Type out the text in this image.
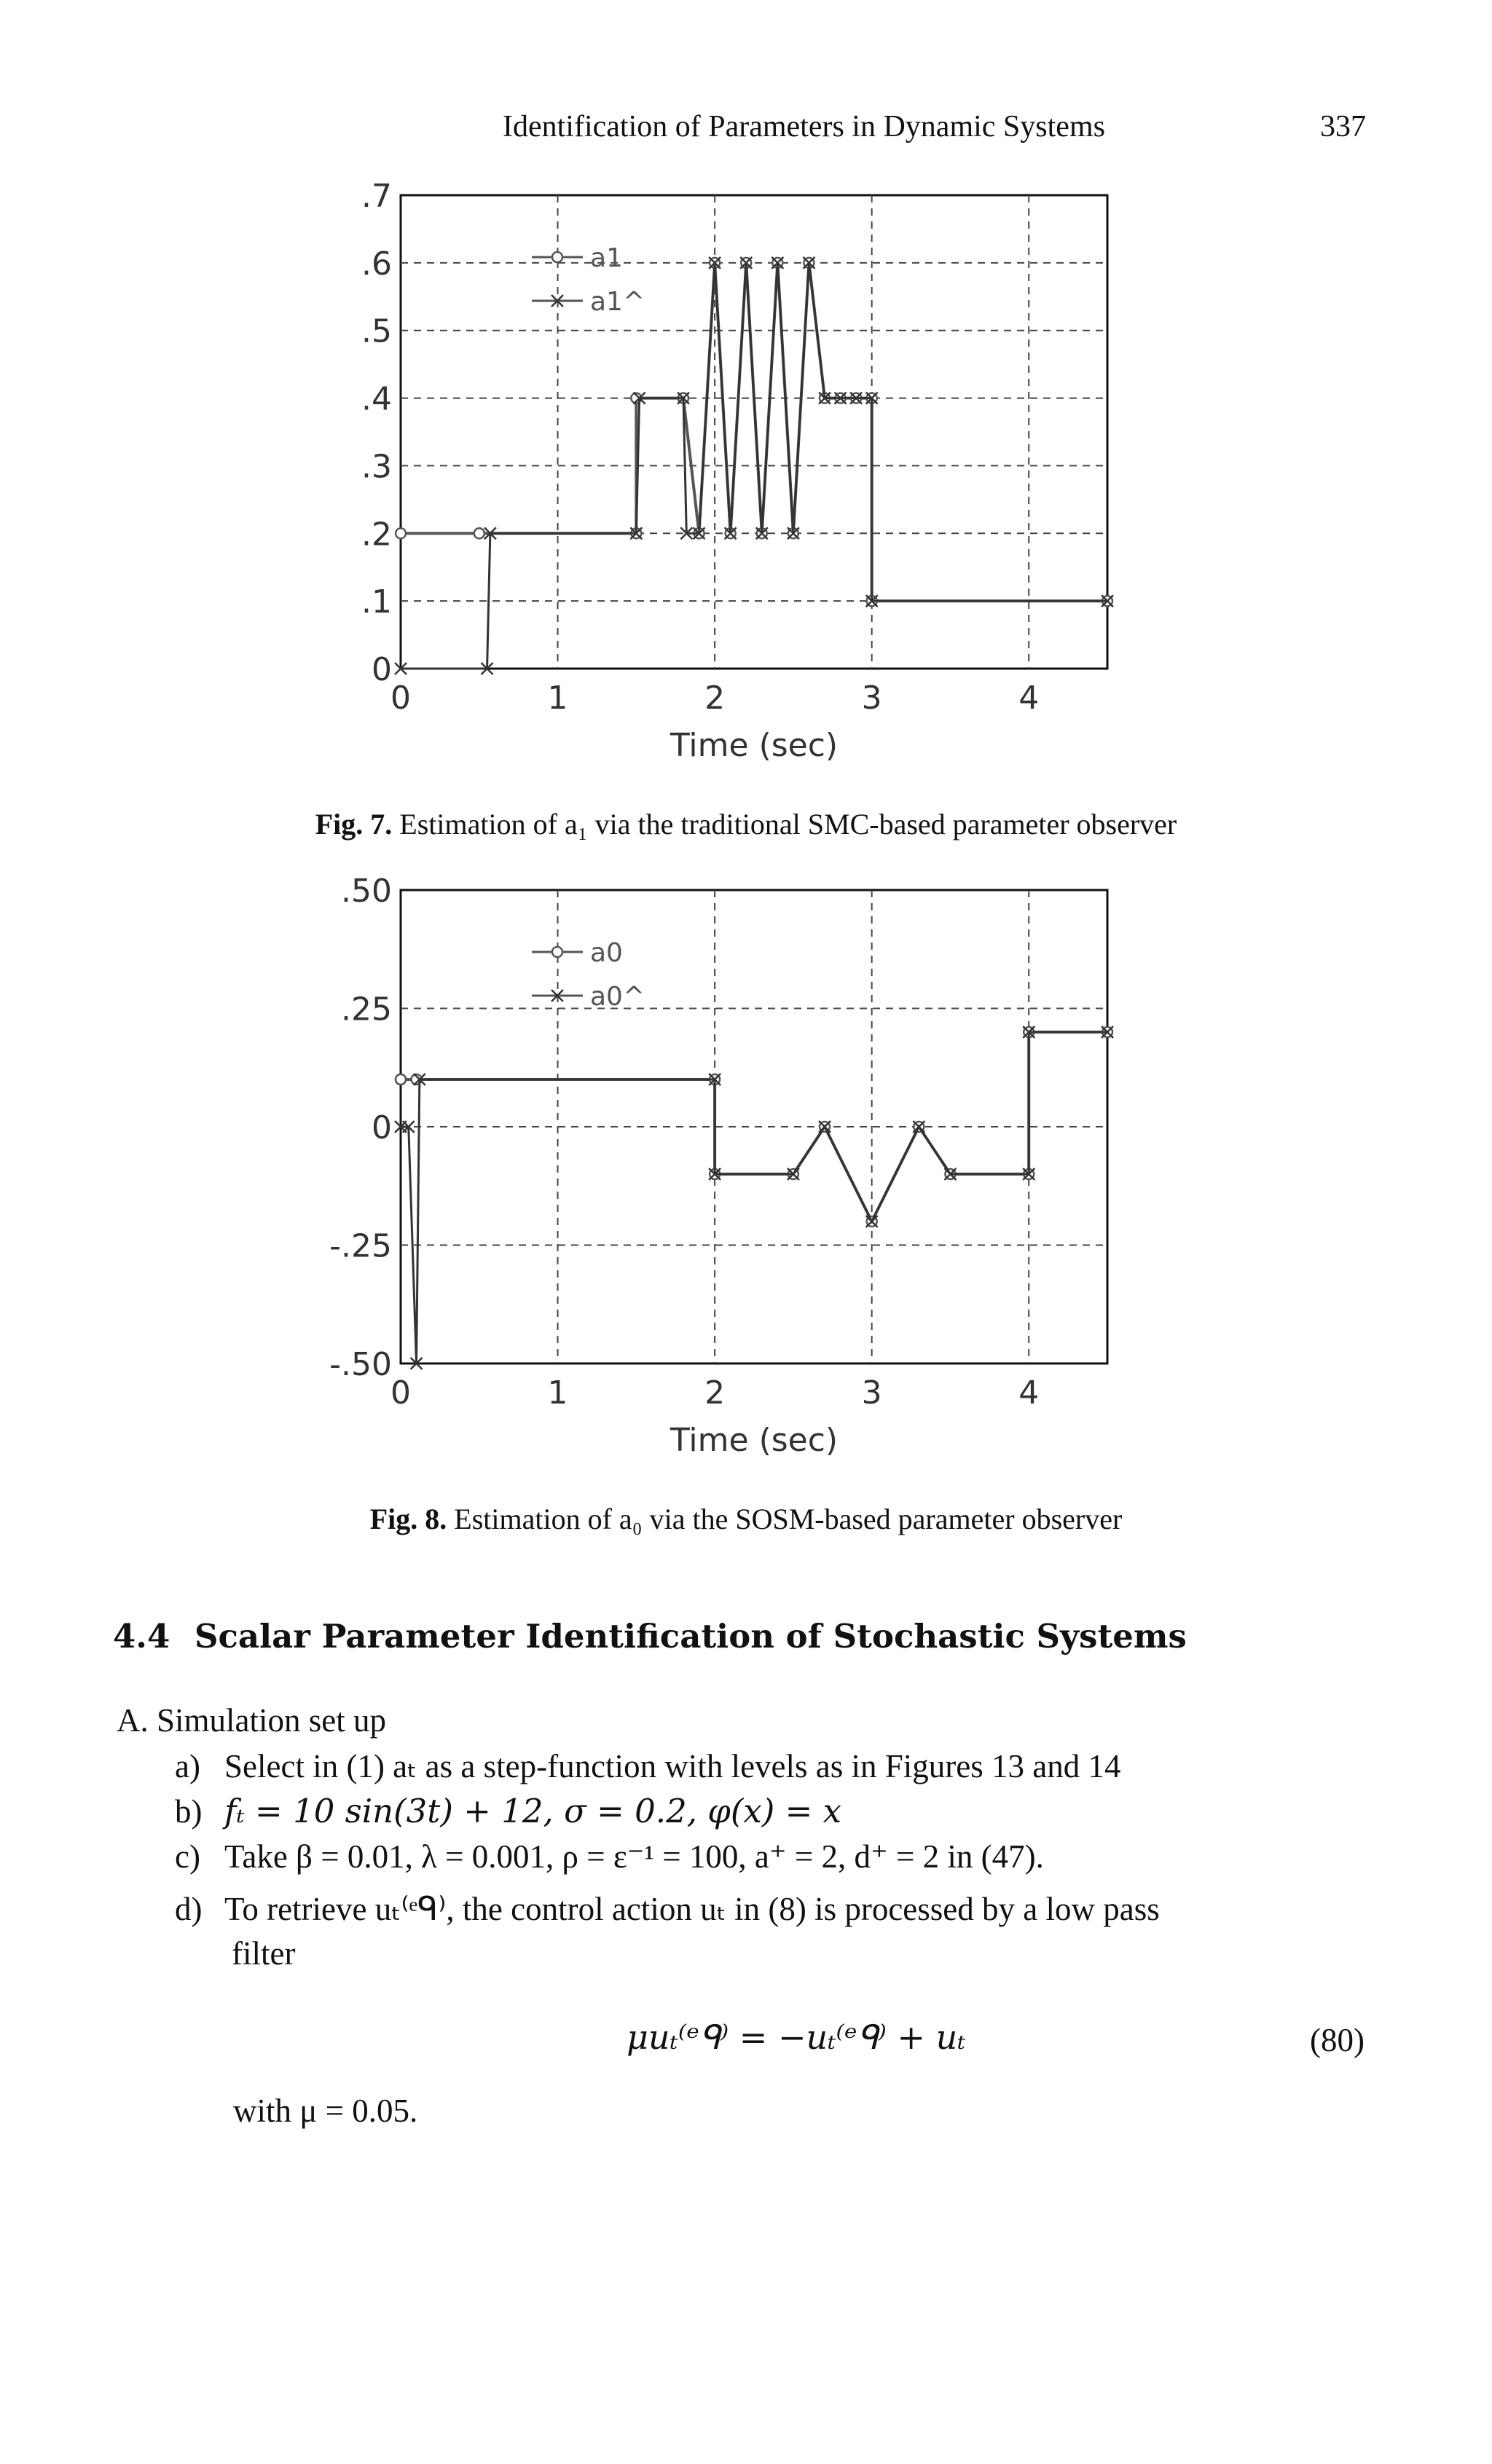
Identification of Parameters in Dynamic Systems	337
.7
.6
.5
.4
.3
.2
.1
0
0	1	2	3	4
Time (sec)
a1
a1^
Fig. 7. Estimation of a₁ via the traditional SMC-based parameter observer
.50
.25
0
-.25
-.50
0	1	2	3	4
Time (sec)
a0
a0^
Fig. 8. Estimation of a₀ via the SOSM-based parameter observer
4.4 Scalar Parameter Identification of Stochastic Systems
A. Simulation set up
a) Select in (1) aₜ as a step-function with levels as in Figures 13 and 14
b) fₜ = 10 sin(3t) + 12, σ = 0.2, φ(x) = x
c) Take β = 0.01, λ = 0.001, ρ = ε⁻¹ = 100, a⁺ = 2, d⁺ = 2 in (47).
d) To retrieve uₜ⁽ᵉᑫ⁾, the control action uₜ in (8) is processed by a low pass
filter
μuₜ⁽ᵉᑫ⁾ = −uₜ⁽ᵉᑫ⁾ + uₜ	(80)
with μ = 0.05.
